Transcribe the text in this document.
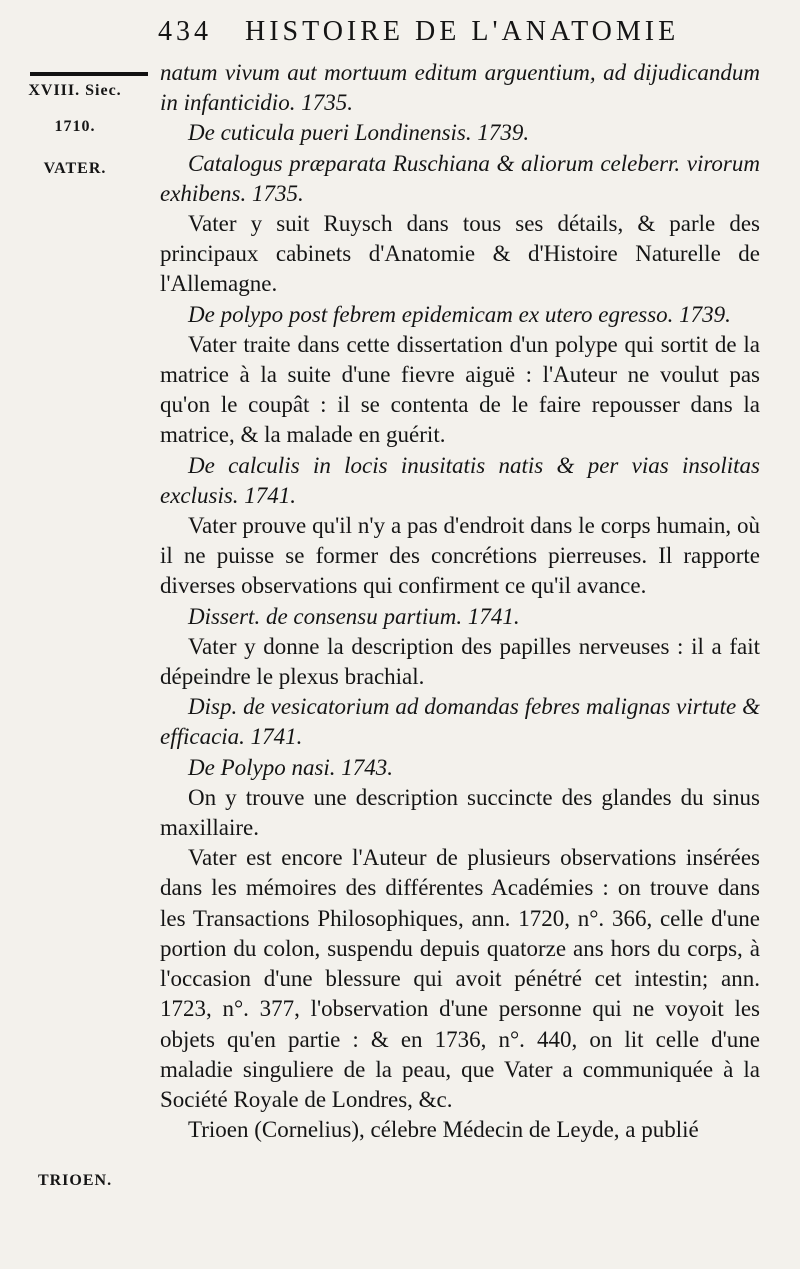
434 HISTOIRE DE L'ANATOMIE
XVIII. Siec.
1710.
VATER.
TRIOEN.

natum vivum aut mortuum editum arguentium, ad dijudicandum in infanticidio. 1735.

De cuticula pueri Londinensis. 1739.

Catalogus præparata Ruschiana & aliorum celeberr. virorum exhibens. 1735.

Vater y suit Ruysch dans tous ses détails, & parle des principaux cabinets d'Anatomie & d'Histoire Naturelle de l'Allemagne.

De polypo post febrem epidemicam ex utero egresso. 1739.

Vater traite dans cette dissertation d'un polype qui sortit de la matrice à la suite d'une fievre aiguë : l'Auteur ne voulut pas qu'on le coupât : il se contenta de le faire repousser dans la matrice, & la malade en guérit.

De calculis in locis inusitatis natis & per vias insolitas exclusis. 1741.

Vater prouve qu'il n'y a pas d'endroit dans le corps humain, où il ne puisse se former des concrétions pierreuses. Il rapporte diverses observations qui confirment ce qu'il avance.

Dissert. de consensu partium. 1741.

Vater y donne la description des papilles nerveuses : il a fait dépeindre le plexus brachial.

Disp. de vesicatorium ad domandas febres malignas virtute & efficacia. 1741.

De Polypo nasi. 1743.

On y trouve une description succincte des glandes du sinus maxillaire.

Vater est encore l'Auteur de plusieurs observations insérées dans les mémoires des différentes Académies : on trouve dans les Transactions Philosophiques, ann. 1720, n°. 366, celle d'une portion du colon, suspendu depuis quatorze ans hors du corps, à l'occasion d'une blessure qui avoit pénétré cet intestin; ann. 1723, n°. 377, l'observation d'une personne qui ne voyoit les objets qu'en partie : & en 1736, n°. 440, on lit celle d'une maladie singuliere de la peau, que Vater a communiquée à la Société Royale de Londres, &c.

Trioen (Cornelius), célebre Médecin de Leyde, a publié
